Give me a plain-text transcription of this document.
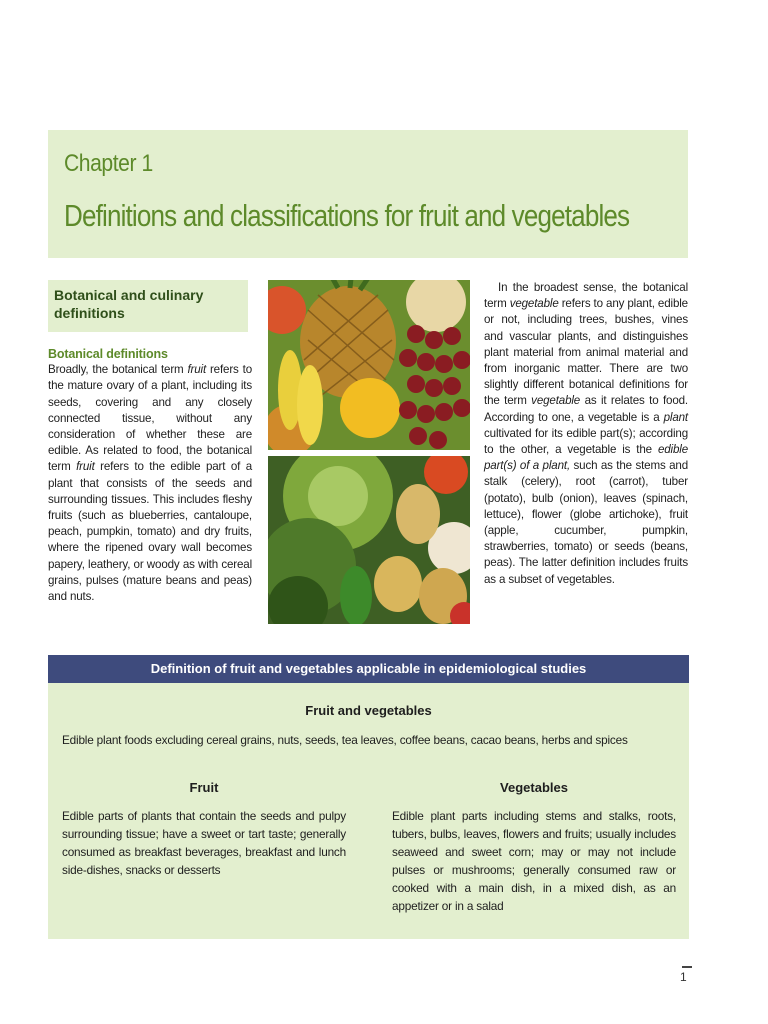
Chapter 1
Definitions and classifications for fruit and vegetables
Botanical and culinary definitions
Botanical definitions
Broadly, the botanical term fruit refers to the mature ovary of a plant, including its seeds, covering and any closely connected tissue, without any consideration of whether these are edible. As related to food, the botanical term fruit refers to the edible part of a plant that consists of the seeds and surrounding tissues. This includes fleshy fruits (such as blueberries, cantaloupe, peach, pumpkin, tomato) and dry fruits, where the ripened ovary wall becomes papery, leathery, or woody as with cereal grains, pulses (mature beans and peas) and nuts.
In the broadest sense, the botanical term vegetable refers to any plant, edible or not, including trees, bushes, vines and vascular plants, and distinguishes plant material from animal material and from inorganic matter. There are two slightly different botanical definitions for the term vegetable as it relates to food. According to one, a vegetable is a plant cultivated for its edible part(s); according to the other, a vegetable is the edible part(s) of a plant, such as the stems and stalk (celery), root (carrot), tuber (potato), bulb (onion), leaves (spinach, lettuce), flower (globe artichoke), fruit (apple, cucumber, pumpkin, strawberries, tomato) or seeds (beans, peas). The latter definition includes fruits as a subset of vegetables.
Definition of fruit and vegetables applicable in epidemiological studies
Fruit and vegetables
Edible plant foods excluding cereal grains, nuts, seeds, tea leaves, coffee beans, cacao beans, herbs and spices
Fruit	Vegetables
Edible parts of plants that contain the seeds and pulpy surrounding tissue; have a sweet or tart taste; generally consumed as breakfast beverages, breakfast and lunch side-dishes, snacks or desserts
Edible plant parts including stems and stalks, roots, tubers, bulbs, leaves, flowers and fruits; usually includes seaweed and sweet corn; may or may not include pulses or mushrooms; generally consumed raw or cooked with a main dish, in a mixed dish, as an appetizer or in a salad
1
